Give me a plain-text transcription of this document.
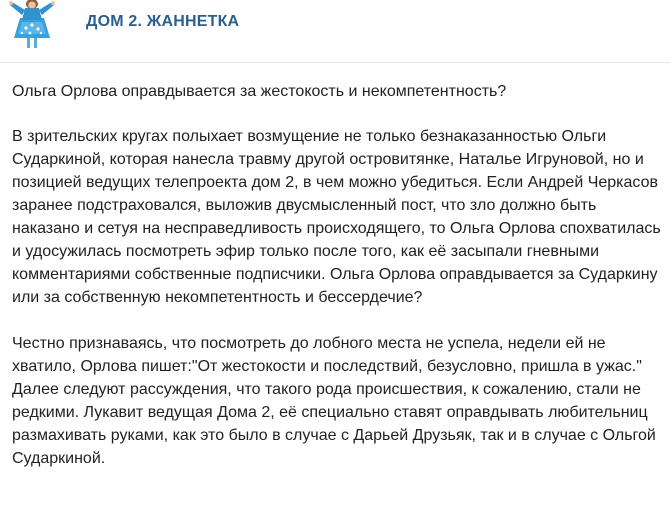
ДОМ 2. ЖАННЕТКА
Ольга Орлова оправдывается за жестокость и некомпетентность?

В зрительских кругах полыхает возмущение не только безнаказанностью Ольги Сударкиной, которая нанесла травму другой островитянке, Наталье Игруновой, но и позицией ведущих телепроекта дом 2, в чем можно убедиться. Если Андрей Черкасов заранее подстраховался, выложив двусмысленный пост, что зло должно быть наказано и сетуя на несправедливость происходящего, то Ольга Орлова спохватилась и удосужилась посмотреть эфир только после того, как её засыпали гневными комментариями собственные подписчики. Ольга Орлова оправдывается за Сударкину или за собственную некомпетентность и бессердечие?

Честно признаваясь, что посмотреть до лобного места не успела, недели ей не хватило, Орлова пишет:"От жестокости и последствий, безусловно, пришла в ужас." Далее следуют рассуждения, что такого рода происшествия, к сожалению, стали не редкими. Лукавит ведущая Дома 2, её специально ставят оправдывать любительниц размахивать руками, как это было в случае с Дарьей Друзьяк, так и в случае с Ольгой Сударкиной.
